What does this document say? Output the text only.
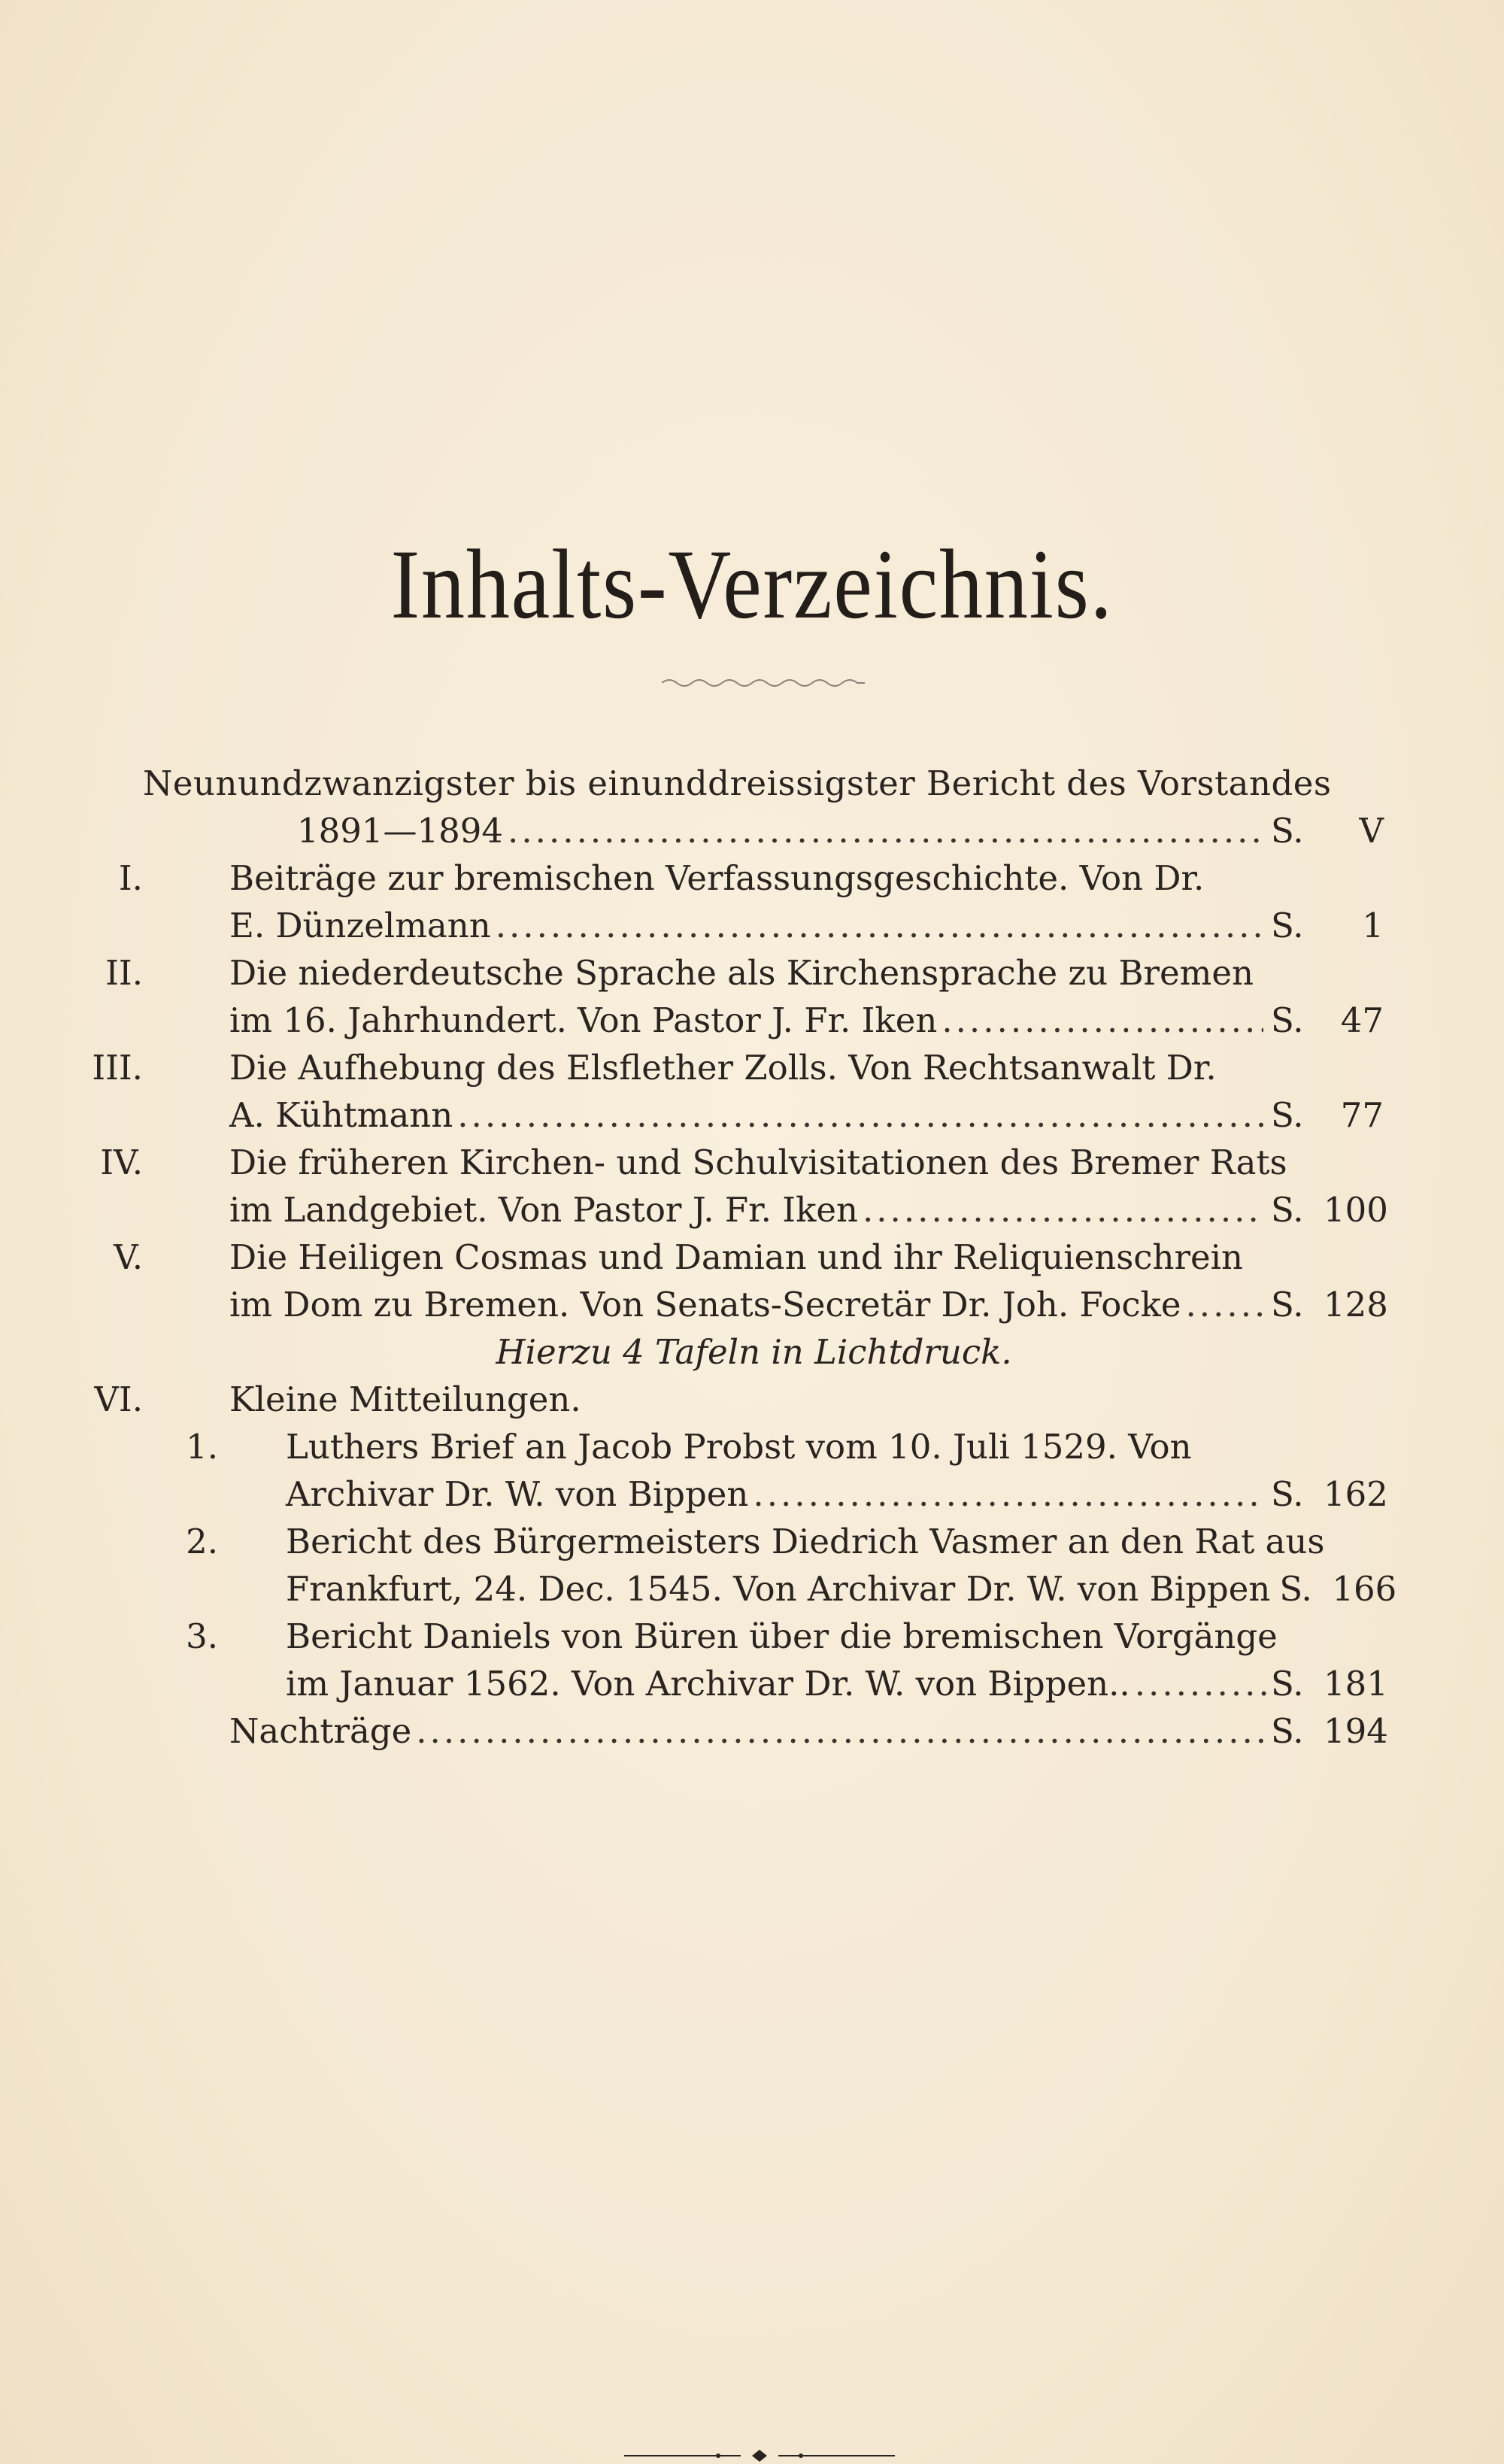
Inhalts-Verzeichnis.
Neunundzwanzigster bis einunddreissigster Bericht des Vorstandes
1891—1894 .....	S.	V
I.	Beiträge zur bremischen Verfassungsgeschichte. Von Dr.
E. Dünzelmann .....	S.	1
II.	Die niederdeutsche Sprache als Kirchensprache zu Bremen
im 16. Jahrhundert. Von Pastor J. Fr. Iken .....	S.	47
III.	Die Aufhebung des Elsflether Zolls. Von Rechtsanwalt Dr.
A. Kühtmann .....	S.	77
IV.	Die früheren Kirchen- und Schulvisitationen des Bremer Rats
im Landgebiet. Von Pastor J. Fr. Iken .....	S. 100
V.	Die Heiligen Cosmas und Damian und ihr Reliquienschrein
im Dom zu Bremen. Von Senats-Secretär Dr. Joh. Focke .....	S. 128
Hierzu 4 Tafeln in Lichtdruck.
VI.	Kleine Mitteilungen.
1.	Luthers Brief an Jacob Probst vom 10. Juli 1529. Von
Archivar Dr. W. von Bippen .....	S. 162
2.	Bericht des Bürgermeisters Diedrich Vasmer an den Rat aus
Frankfurt, 24. Dec. 1545. Von Archivar Dr. W. von Bippen S. 166
3.	Bericht Daniels von Büren über die bremischen Vorgänge
im Januar 1562. Von Archivar Dr. W. von Bippen.. .....	S. 181
Nachträge .....	S. 194
